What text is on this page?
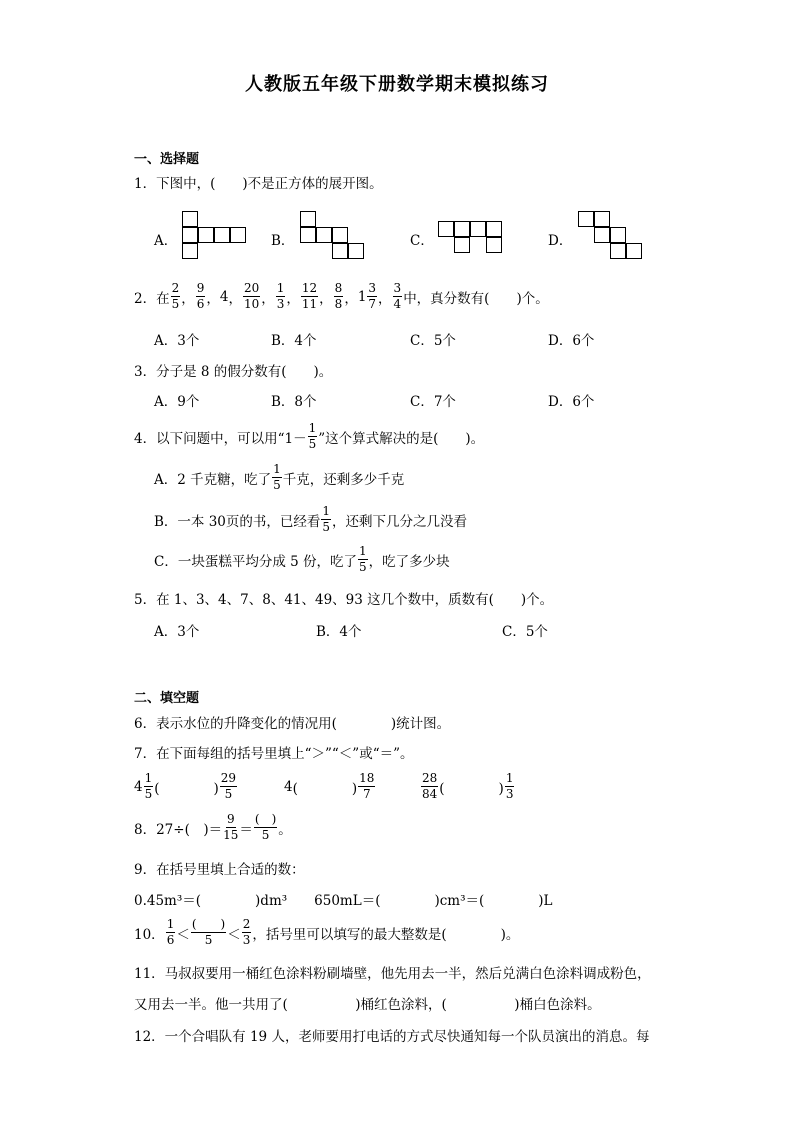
人教版五年级下册数学期末模拟练习
一、选择题
1．下图中，(　　)不是正方体的展开图。
A．	B．	C．	D．
2．在 $\frac{2}{5}$ ， $\frac{9}{6}$ ， 4 ， $\frac{20}{10}$ ， $\frac{1}{3}$ ， $\frac{12}{11}$ ， $\frac{8}{8}$ ， $1 \frac{3}{7}$ ， $\frac{3}{4}$ 中，真分数有(　　)个。
A．3个	B．4个	C．5个	D．6个
3．分子是 8 的假分数有(　　)。
A．9个	B．8个	C．7个	D．6个
4．以下问题中，可以用“$1- \frac{1}{5}$ ”这个算式解决的是(　　)。
A．2 千克糖，吃了 $\frac{1}{5}$ 千克，还剩多少千克
B．一本 30页的书，已经看 $\frac{1}{5}$ ，还剩下几分之几没看
C．一块蛋糕平均分成 5 份，吃了 $\frac{1}{5}$ ，吃了多少块
5．在 1、3、4、7、8、41、49、93 这几个数中，质数有(　　)个。
A．3个	B．4个	C．5个
二、填空题
6．表示水位的升降变化的情况用(　　　　)统计图。
7．在下面每组的括号里填上“＞”“＜”或“＝”。
$4 \frac{1}{5}$ (　　　　) $\frac{29}{5}$	4 (　　　　) $\frac{18}{7}$	$\frac{28}{84}$ (　　　　) $\frac{1}{3}$
8．27÷(　)＝ $\frac{9}{15} = \frac{( )}{5}$ 。
9．在括号里填上合适的数：
0.45m³＝(　　　　)dm³　　650mL＝(　　　　)cm³＝(　　　　)L
10． $\frac{1}{6} < \frac{( )}{5} < \frac{2}{3}$ ，括号里可以填写的最大整数是(　　　　)。
11．马叔叔要用一桶红色涂料粉刷墙壁，他先用去一半，然后兑满白色涂料调成粉色，
又用去一半。他一共用了(　　　　　)桶红色涂料，(　　　　　)桶白色涂料。
12．一个合唱队有 19 人，老师要用打电话的方式尽快通知每一个队员演出的消息。每
